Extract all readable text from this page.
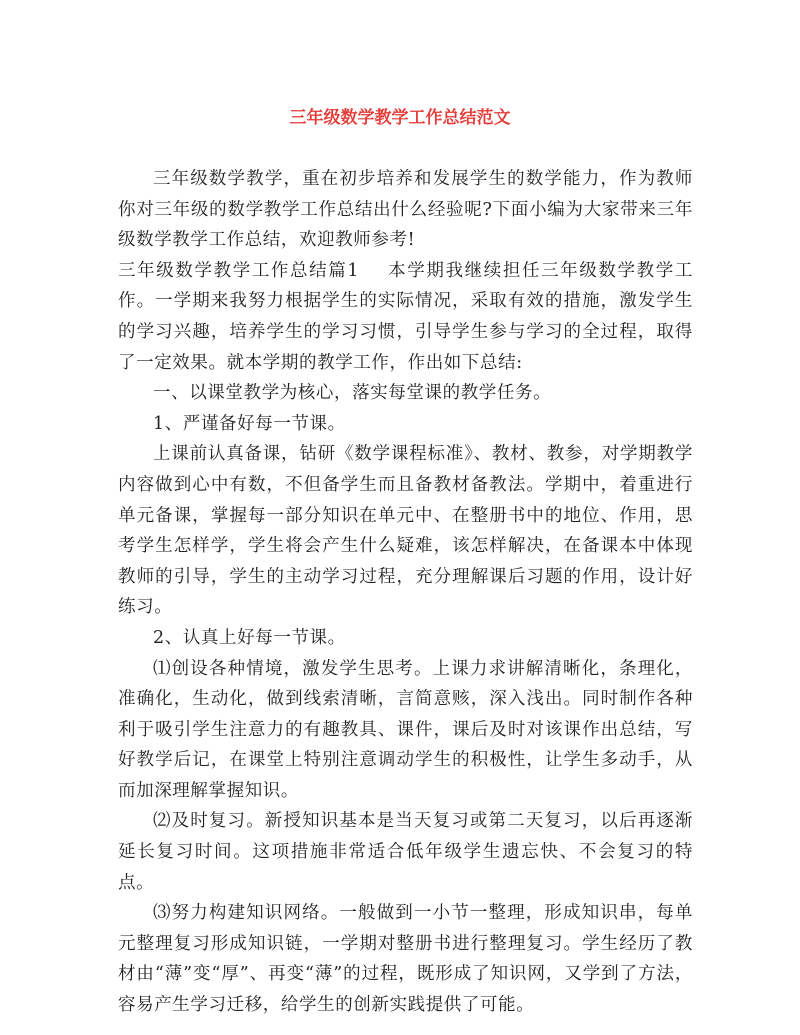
三年级数学教学工作总结范文

三年级数学教学，重在初步培养和发展学生的数学能力，作为教师你对三年级的数学教学工作总结出什么经验呢?下面小编为大家带来三年级数学教学工作总结，欢迎教师参考!

三年级数学教学工作总结篇1 本学期我继续担任三年级数学教学工作。一学期来我努力根据学生的实际情况，采取有效的措施，激发学生的学习兴趣，培养学生的学习习惯，引导学生参与学习的全过程，取得了一定效果。就本学期的教学工作，作出如下总结:

一、以课堂教学为核心，落实每堂课的教学任务。

1、严谨备好每一节课。

上课前认真备课，钻研《数学课程标准》、教材、教参，对学期教学内容做到心中有数，不但备学生而且备教材备教法。学期中，着重进行单元备课，掌握每一部分知识在单元中、在整册书中的地位、作用，思考学生怎样学，学生将会产生什么疑难，该怎样解决，在备课本中体现教师的引导，学生的主动学习过程，充分理解课后习题的作用，设计好练习。

2、认真上好每一节课。

⑴创设各种情境，激发学生思考。上课力求讲解清晰化，条理化，准确化，生动化，做到线索清晰，言简意赅，深入浅出。同时制作各种利于吸引学生注意力的有趣教具、课件，课后及时对该课作出总结，写好教学后记，在课堂上特别注意调动学生的积极性，让学生多动手，从而加深理解掌握知识。

⑵及时复习。新授知识基本是当天复习或第二天复习，以后再逐渐延长复习时间。这项措施非常适合低年级学生遗忘快、不会复习的特点。

⑶努力构建知识网络。一般做到一小节一整理，形成知识串，每单元整理复习形成知识链，一学期对整册书进行整理复习。学生经历了教材由“薄”变“厚”、再变“薄”的过程，既形成了知识网，又学到了方法，容易产生学习迁移，给学生的创新实践提供了可能。
